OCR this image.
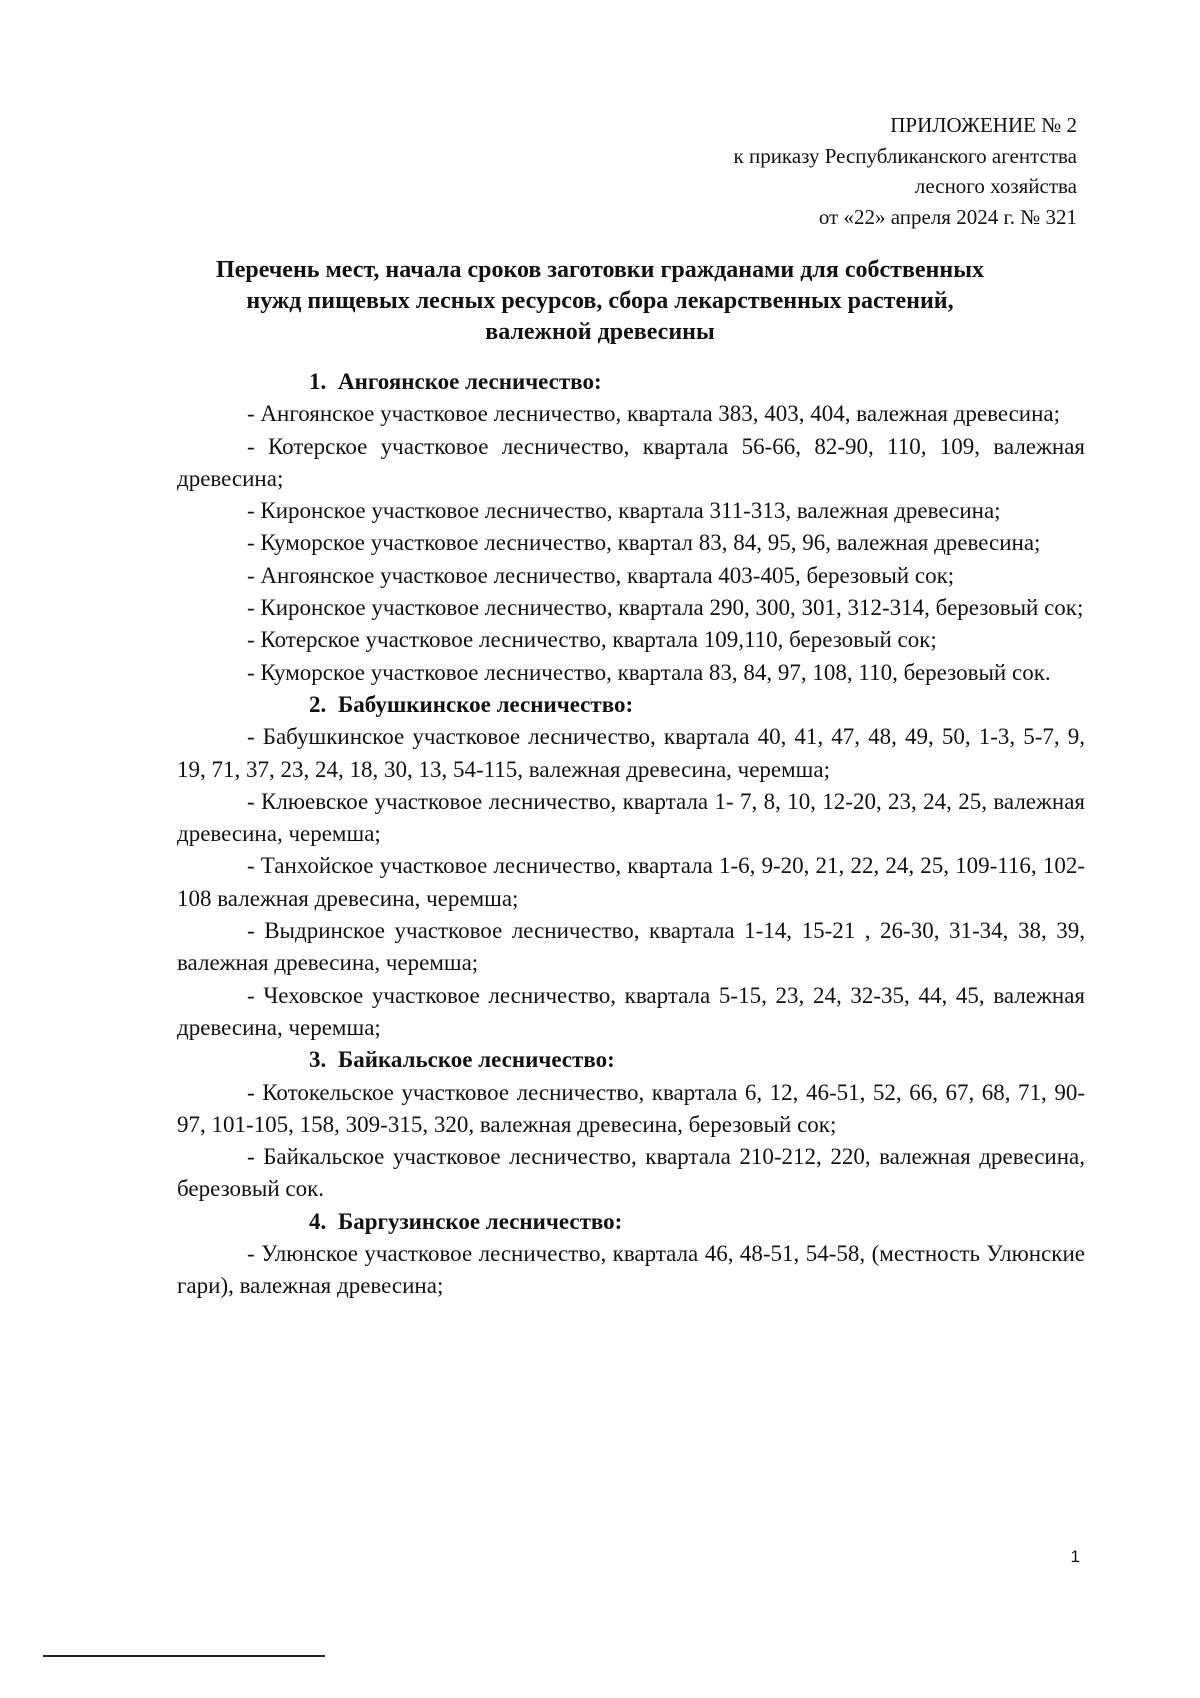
ПРИЛОЖЕНИЕ № 2
к приказу Республиканского агентства
лесного хозяйства
от «22» апреля 2024 г. № 321
Перечень мест, начала сроков заготовки гражданами для собственных
нужд пищевых лесных ресурсов, сбора лекарственных растений,
валежной древесины

1. Ангоянское лесничество:

- Ангоянское участковое лесничество, квартала 383, 403, 404, валежная древесина;

- Котерское участковое лесничество, квартала 56-66, 82-90, 110, 109, валежная древесина;

- Киронское участковое лесничество, квартала 311-313, валежная древесина;

- Куморское участковое лесничество, квартал 83, 84, 95, 96, валежная древесина;

- Ангоянское участковое лесничество, квартала 403-405, березовый сок;

- Киронское участковое лесничество, квартала 290, 300, 301, 312-314, березовый сок;

- Котерское участковое лесничество, квартала 109,110, березовый сок;

- Куморское участковое лесничество, квартала 83, 84, 97, 108, 110, березовый сок.

2. Бабушкинское лесничество:

- Бабушкинское участковое лесничество, квартала 40, 41, 47, 48, 49, 50, 1-3, 5-7, 9, 19, 71, 37, 23, 24, 18, 30, 13, 54-115, валежная древесина, черемша;

- Клюевское участковое лесничество, квартала 1- 7, 8, 10, 12-20, 23, 24, 25, валежная древесина, черемша;

- Танхойское участковое лесничество, квартала 1-6, 9-20, 21, 22, 24, 25, 109-116, 102-108 валежная древесина, черемша;

- Выдринское участковое лесничество, квартала 1-14, 15-21 , 26-30, 31-34, 38, 39, валежная древесина, черемша;

- Чеховское участковое лесничество, квартала 5-15, 23, 24, 32-35, 44, 45, валежная древесина, черемша;

3. Байкальское лесничество:

- Котокельское участковое лесничество, квартала 6, 12, 46-51, 52, 66, 67, 68, 71, 90-97, 101-105, 158, 309-315, 320, валежная древесина, березовый сок;

- Байкальское участковое лесничество, квартала 210-212, 220, валежная древесина, березовый сок.

4. Баргузинское лесничество:

- Улюнское участковое лесничество, квартала 46, 48-51, 54-58, (местность Улюнские гари), валежная древесина;

1
